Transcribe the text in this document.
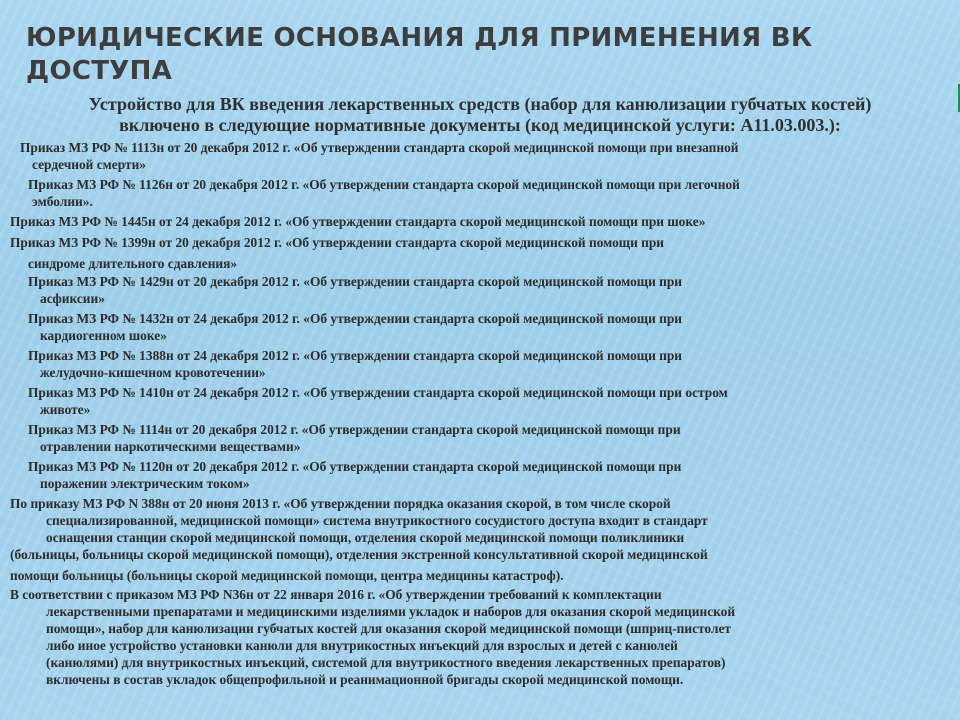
ЮРИДИЧЕСКИЕ ОСНОВАНИЯ ДЛЯ ПРИМЕНЕНИЯ ВК
ДОСТУПА
Устройство для ВК введения лекарственных средств (набор для канюлизации губчатых костей)
включено в следующие нормативные документы (код медицинской услуги: А11.03.003.):
Приказ МЗ РФ № 1113н от 20 декабря 2012 г. «Об утверждении стандарта скорой медицинской помощи при внезапной
сердечной смерти»
Приказ МЗ РФ № 1126н от 20 декабря 2012 г. «Об утверждении стандарта скорой медицинской помощи при легочной
эмболии».
Приказ МЗ РФ № 1445н от 24 декабря 2012 г. «Об утверждении стандарта скорой медицинской помощи при шоке»
Приказ МЗ РФ № 1399н от 20 декабря 2012 г. «Об утверждении стандарта скорой медицинской помощи при
синдроме длительного сдавления»
Приказ МЗ РФ № 1429н от 20 декабря 2012 г. «Об утверждении стандарта скорой медицинской помощи при
асфиксии»
Приказ МЗ РФ № 1432н от 24 декабря 2012 г. «Об утверждении стандарта скорой медицинской помощи при
кардиогенном шоке»
Приказ МЗ РФ № 1388н от 24 декабря 2012 г. «Об утверждении стандарта скорой медицинской помощи при
желудочно-кишечном кровотечении»
Приказ МЗ РФ № 1410н от 24 декабря 2012 г. «Об утверждении стандарта скорой медицинской помощи при остром
животе»
Приказ МЗ РФ № 1114н от 20 декабря 2012 г. «Об утверждении стандарта скорой медицинской помощи при
отравлении наркотическими веществами»
Приказ МЗ РФ № 1120н от 20 декабря 2012 г. «Об утверждении стандарта скорой медицинской помощи при
поражении электрическим током»
По приказу МЗ РФ N 388н от 20 июня 2013 г. «Об утверждении порядка оказания скорой, в том числе скорой
специализированной, медицинской помощи» система внутрикостного сосудистого доступа входит в стандарт
оснащения станции скорой медицинской помощи, отделения скорой медицинской помощи поликлиники
(больницы, больницы скорой медицинской помощи), отделения экстренной консультативной скорой медицинской
помощи больницы (больницы скорой медицинской помощи, центра медицины катастроф).
В соответствии с приказом МЗ РФ N36н от 22 января 2016 г. «Об утверждении требований к комплектации
лекарственными препаратами и медицинскими изделиями укладок и наборов для оказания скорой медицинской
помощи», набор для канюлизации губчатых костей для оказания скорой медицинской помощи (шприц-пистолет
либо иное устройство установки канюли для внутрикостных инъекций для взрослых и детей с канюлей
(канюлями) для внутрикостных инъекций, системой для внутрикостного введения лекарственных препаратов)
включены в состав укладок общепрофильной и реанимационной бригады скорой медицинской помощи.
